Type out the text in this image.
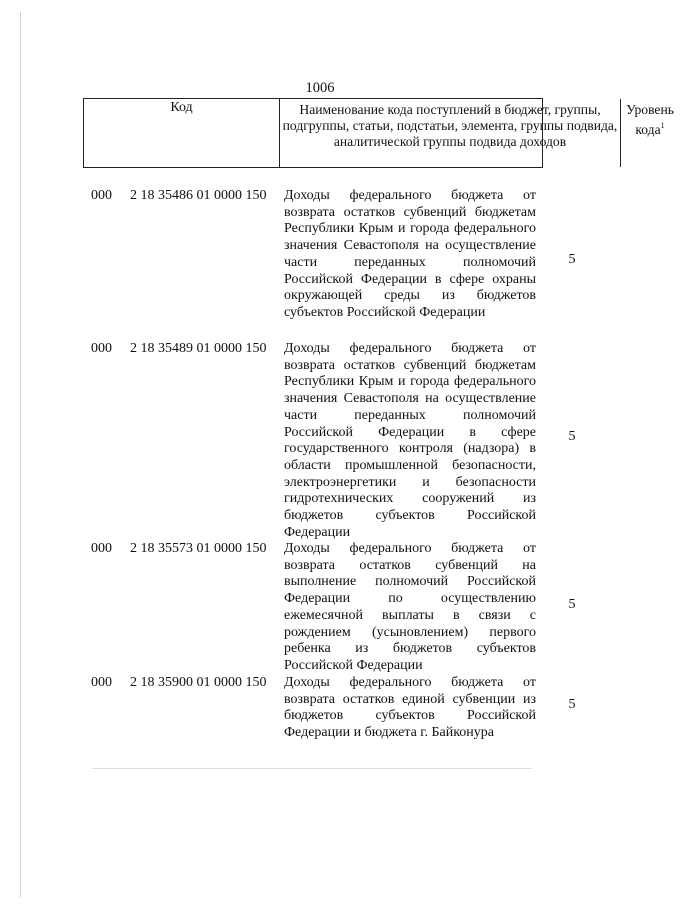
1006
Код	Наименование кода поступлений в бюджет, группы, подгруппы, статьи, подстатьи, элемента, группы подвида, аналитической группы подвида доходов
Уровень кода$^1$
000 2 18 35486 01 0000 150 Доходы федерального бюджета от возврата остатков субвенций бюджетам Республики Крым и города федерального значения Севастополя на осуществление части переданных полномочий Российской Федерации в сфере охраны окружающей среды из бюджетов субъектов Российской Федерации
5
000 2 18 35489 01 0000 150 Доходы федерального бюджета от возврата остатков субвенций бюджетам Республики Крым и города федерального значения Севастополя на осуществление части переданных полномочий Российской Федерации в сфере государственного контроля (надзора) в области промышленной безопасности, электроэнергетики и безопасности гидротехнических сооружений из бюджетов субъектов Российской Федерации
5
000 2 18 35573 01 0000 150 Доходы федерального бюджета от возврата остатков субвенций на выполнение полномочий Российской Федерации по осуществлению ежемесячной выплаты в связи с рождением (усыновлением) первого ребенка из бюджетов субъектов Российской Федерации
5
000 2 18 35900 01 0000 150 Доходы федерального бюджета от возврата остатков единой субвенции из бюджетов субъектов Российской Федерации и бюджета г. Байконура
5
